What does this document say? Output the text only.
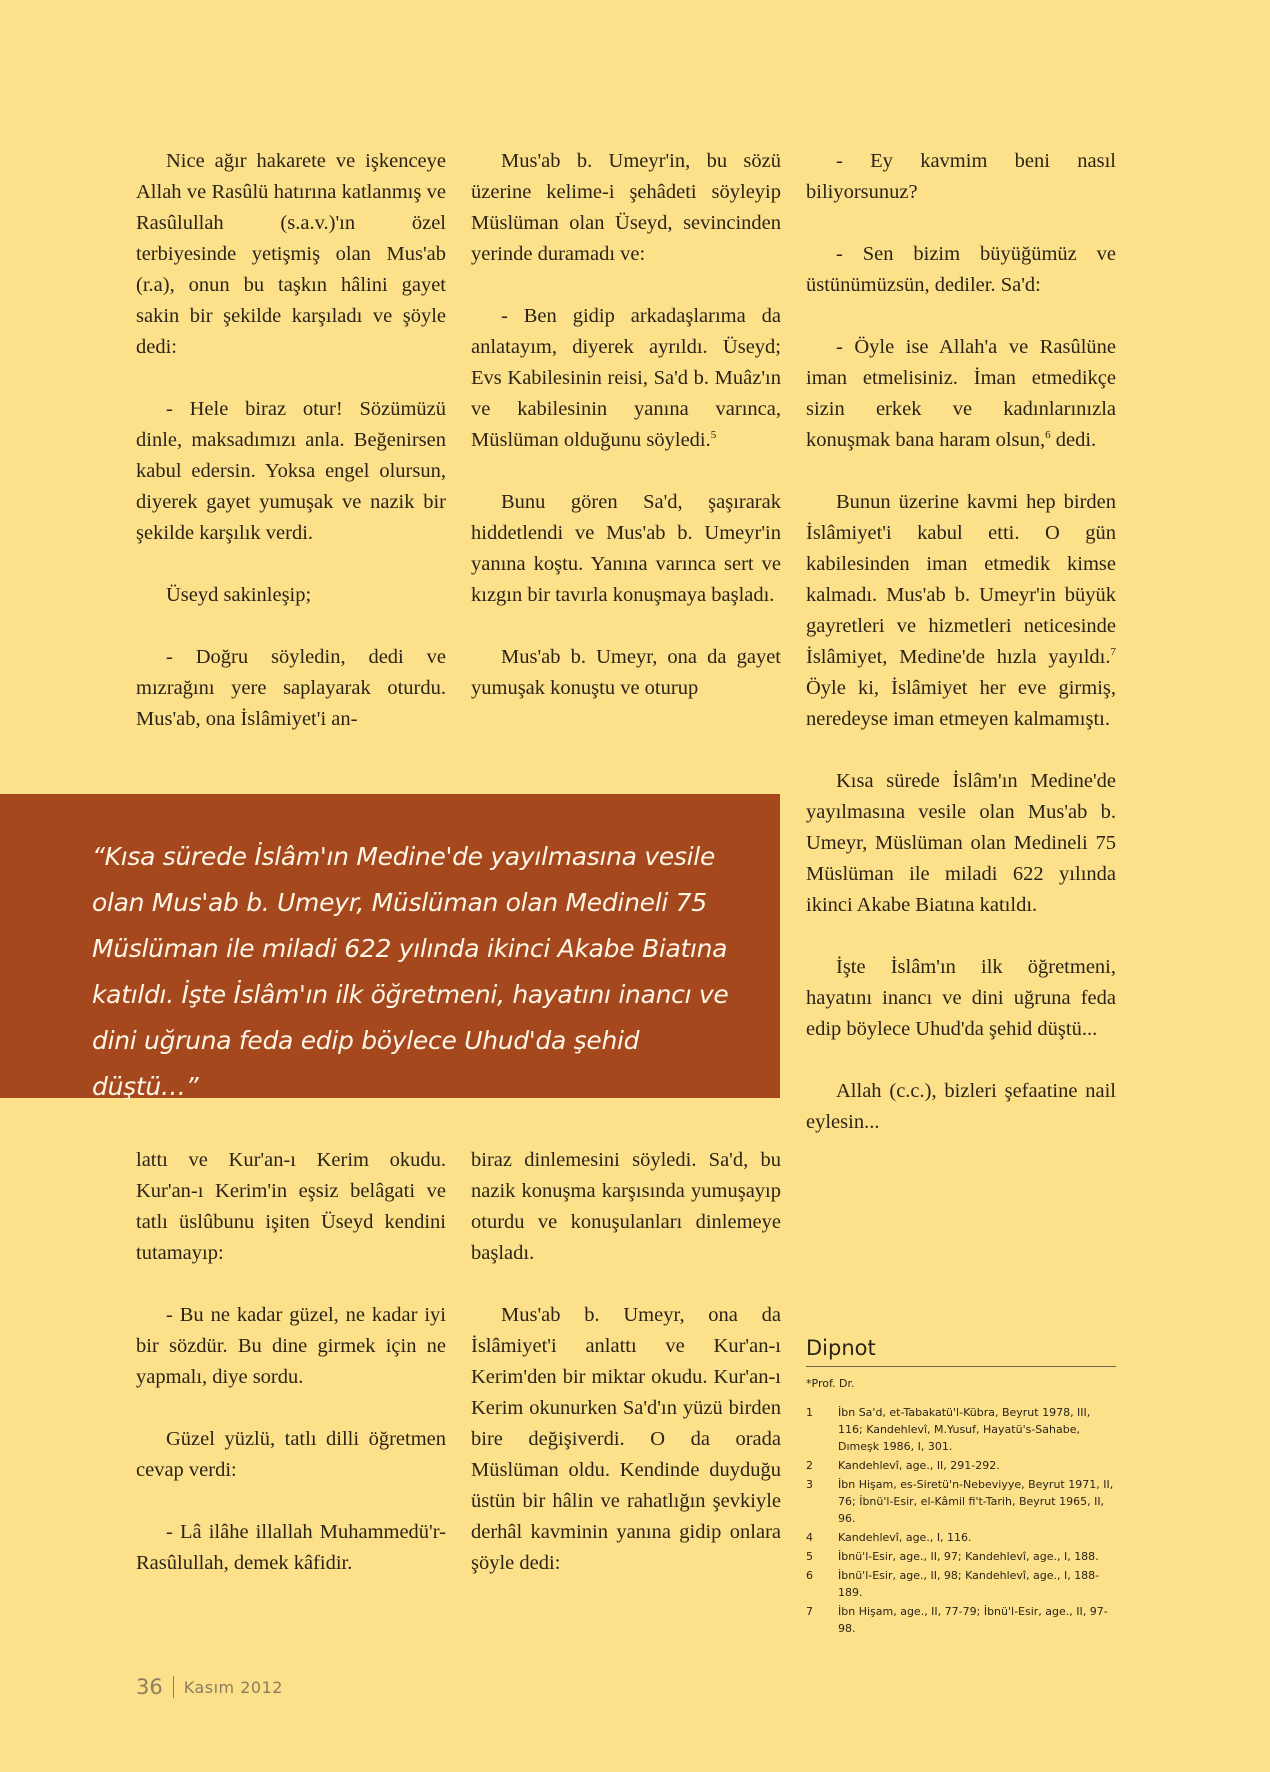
Nice ağır hakarete ve işkenceye Allah ve Rasûlü hatırına katlanmış ve Rasûlullah (s.a.v.)'ın özel terbiyesinde yetişmiş olan Mus'ab (r.a), onun bu taşkın hâlini gayet sakin bir şekilde karşıladı ve şöyle dedi:

- Hele biraz otur! Sözümüzü dinle, maksadımızı anla. Beğenirsen kabul edersin. Yoksa engel olursun, diyerek gayet yumuşak ve nazik bir şekilde karşılık verdi.

Üseyd sakinleşip;

- Doğru söyledin, dedi ve mızrağını yere saplayarak oturdu. Mus'ab, ona İslâmiyet'i an-

Mus'ab b. Umeyr'in, bu sözü üzerine kelime-i şehâdeti söyleyip Müslüman olan Üseyd, sevincinden yerinde duramadı ve:

- Ben gidip arkadaşlarıma da anlatayım, diyerek ayrıldı. Üseyd; Evs Kabilesinin reisi, Sa'd b. Muâz'ın ve kabilesinin yanına varınca, Müslüman olduğunu söyledi.$^5$

Bunu gören Sa'd, şaşırarak hiddetlendi ve Mus'ab b. Umeyr'in yanına koştu. Yanına varınca sert ve kızgın bir tavırla konuşmaya başladı.

Mus'ab b. Umeyr, ona da gayet yumuşak konuştu ve oturup

- Ey kavmim beni nasıl biliyorsunuz?

- Sen bizim büyüğümüz ve üstünümüzsün, dediler. Sa'd:

- Öyle ise Allah'a ve Rasûlüne iman etmelisiniz. İman etmedikçe sizin erkek ve kadınlarınızla konuşmak bana haram olsun,$^6$ dedi.

Bunun üzerine kavmi hep birden İslâmiyet'i kabul etti. O gün kabilesinden iman etmedik kimse kalmadı. Mus'ab b. Umeyr'in büyük gayretleri ve hizmetleri neticesinde İslâmiyet, Medine'de hızla yayıldı.$^7$ Öyle ki, İslâmiyet her eve girmiş, neredeyse iman etmeyen kalmamıştı.

Kısa sürede İslâm'ın Medine'de yayılmasına vesile olan Mus'ab b. Umeyr, Müslüman olan Medineli 75 Müslüman ile miladi 622 yılında ikinci Akabe Biatına katıldı.

İşte İslâm'ın ilk öğretmeni, hayatını inancı ve dini uğruna feda edip böylece Uhud'da şehid düştü...

Allah (c.c.), bizleri şefaatine nail eylesin...

“Kısa sürede İslâm'ın Medine'de yayılmasına vesile olan Mus'ab b. Umeyr, Müslüman olan Medineli 75 Müslüman ile miladi 622 yılında ikinci Akabe Biatına katıldı. İşte İslâm'ın ilk öğretmeni, hayatını inancı ve dini uğruna feda edip böylece Uhud'da şehid düştü…”

lattı ve Kur'an-ı Kerim okudu. Kur'an-ı Kerim'in eşsiz belâgati ve tatlı üslûbunu işiten Üseyd kendini tutamayıp:

- Bu ne kadar güzel, ne kadar iyi bir sözdür. Bu dine girmek için ne yapmalı, diye sordu.

Güzel yüzlü, tatlı dilli öğretmen cevap verdi:

- Lâ ilâhe illallah Muhammedü'r-Rasûlullah, demek kâfidir.

biraz dinlemesini söyledi. Sa'd, bu nazik konuşma karşısında yumuşayıp oturdu ve konuşulanları dinlemeye başladı.

Mus'ab b. Umeyr, ona da İslâmiyet'i anlattı ve Kur'an-ı Kerim'den bir miktar okudu. Kur'an-ı Kerim okunurken Sa'd'ın yüzü birden bire değişiverdi. O da orada Müslüman oldu. Kendinde duyduğu üstün bir hâlin ve rahatlığın şevkiyle derhâl kavminin yanına gidip onlara şöyle dedi:

Dipnot
*Prof. Dr.
1 İbn Sa'd, et-Tabakatü'l-Kübra, Beyrut 1978, III, 116; Kandehlevî, M.Yusuf, Hayatü's-Sahabe, Dımeşk 1986, I, 301.
2 Kandehlevî, age., II, 291-292.
3 İbn Hişam, es-Siretü'n-Nebeviyye, Beyrut 1971, II, 76; İbnü'l-Esir, el-Kâmil fi't-Tarih, Beyrut 1965, II, 96.
4 Kandehlevî, age., I, 116.
5 İbnü'l-Esir, age., II, 97; Kandehlevî, age., I, 188.
6 İbnü'l-Esir, age., II, 98; Kandehlevî, age., I, 188-189.
7 İbn Hişam, age., II, 77-79; İbnü'l-Esir, age., II, 97-98.
36 Kasım 2012
